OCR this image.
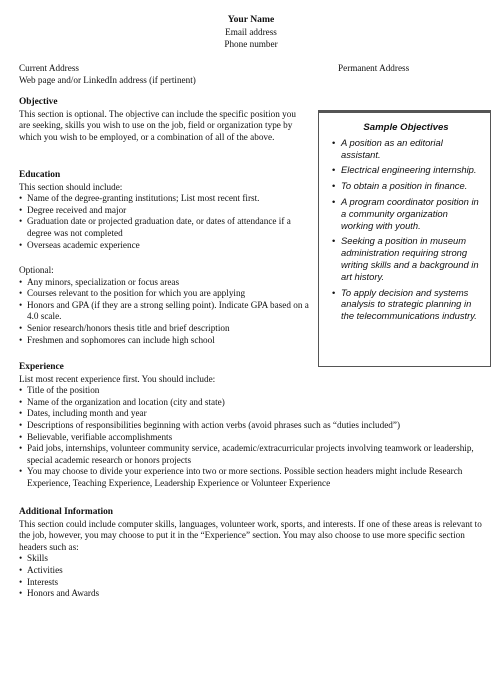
Your Name
Email address
Phone number
Current Address
Web page and/or LinkedIn address (if pertinent)
Permanent Address
Objective

This section is optional. The objective can include the specific position you are seeking, skills you wish to use on the job, field or organization type by which you wish to be employed, or a combination of all of the above.

Education

This section should include:

• Name of the degree-granting institutions; List most recent first.
• Degree received and major
• Graduation date or projected graduation date, or dates of attendance if a degree was not completed
• Overseas academic experience

Optional:

• Any minors, specialization or focus areas
• Courses relevant to the position for which you are applying
• Honors and GPA (if they are a strong selling point). Indicate GPA based on a 4.0 scale.
• Senior research/honors thesis title and brief description
• Freshmen and sophomores can include high school
Experience

List most recent experience first. You should include:

• Title of the position
• Name of the organization and location (city and state)
• Dates, including month and year
• Descriptions of responsibilities beginning with action verbs (avoid phrases such as “duties included”)
• Believable, verifiable accomplishments
• Paid jobs, internships, volunteer community service, academic/extracurricular projects involving teamwork or leadership, special academic research or honors projects
• You may choose to divide your experience into two or more sections. Possible section headers might include Research Experience, Teaching Experience, Leadership Experience or Volunteer Experience
Additional Information

This section could include computer skills, languages, volunteer work, sports, and interests. If one of these areas is relevant to the job, however, you may choose to put it in the “Experience” section. You may also choose to use more specific section headers such as:

• Skills
• Activities
• Interests
• Honors and Awards
Sample Objectives
• A position as an editorial assistant.
• Electrical engineering internship.
• To obtain a position in finance.
• A program coordinator position in a community organization working with youth.
• Seeking a position in museum administration requiring strong writing skills and a background in art history.
• To apply decision and systems analysis to strategic planning in the telecommunications industry.
